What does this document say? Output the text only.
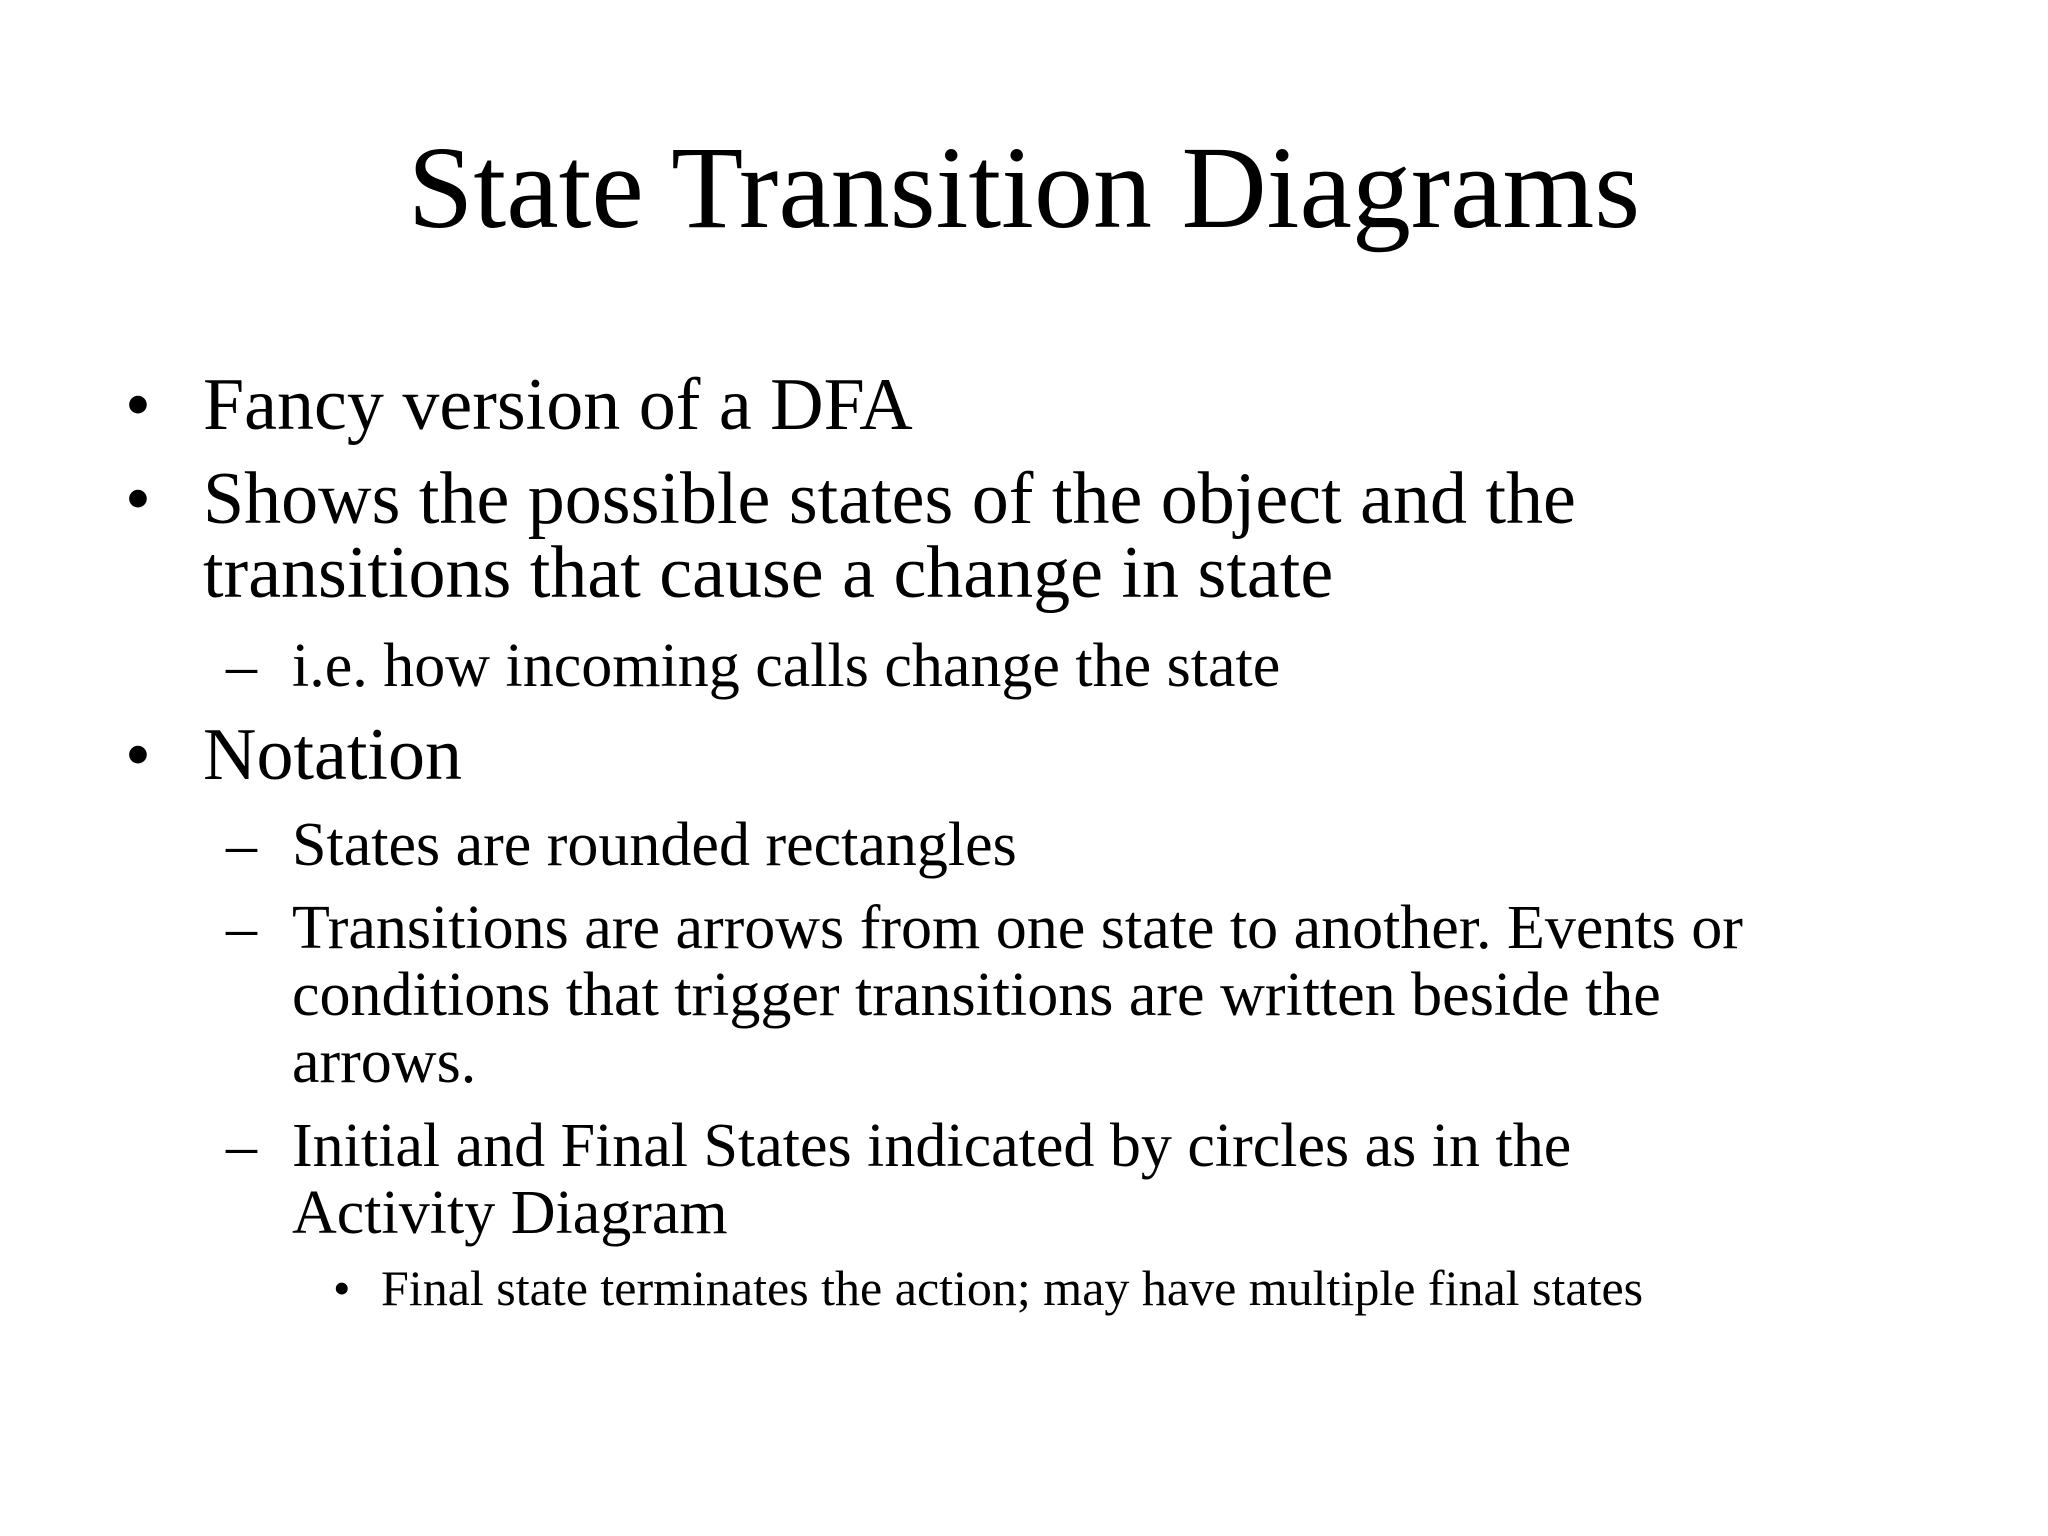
State Transition Diagrams
• Fancy version of a DFA
• Shows the possible states of the object and the
transitions that cause a change in state
– i.e. how incoming calls change the state
• Notation
– States are rounded rectangles
– Transitions are arrows from one state to another. Events or
conditions that trigger transitions are written beside the
arrows.
– Initial and Final States indicated by circles as in the
Activity Diagram
• Final state terminates the action; may have multiple final states
